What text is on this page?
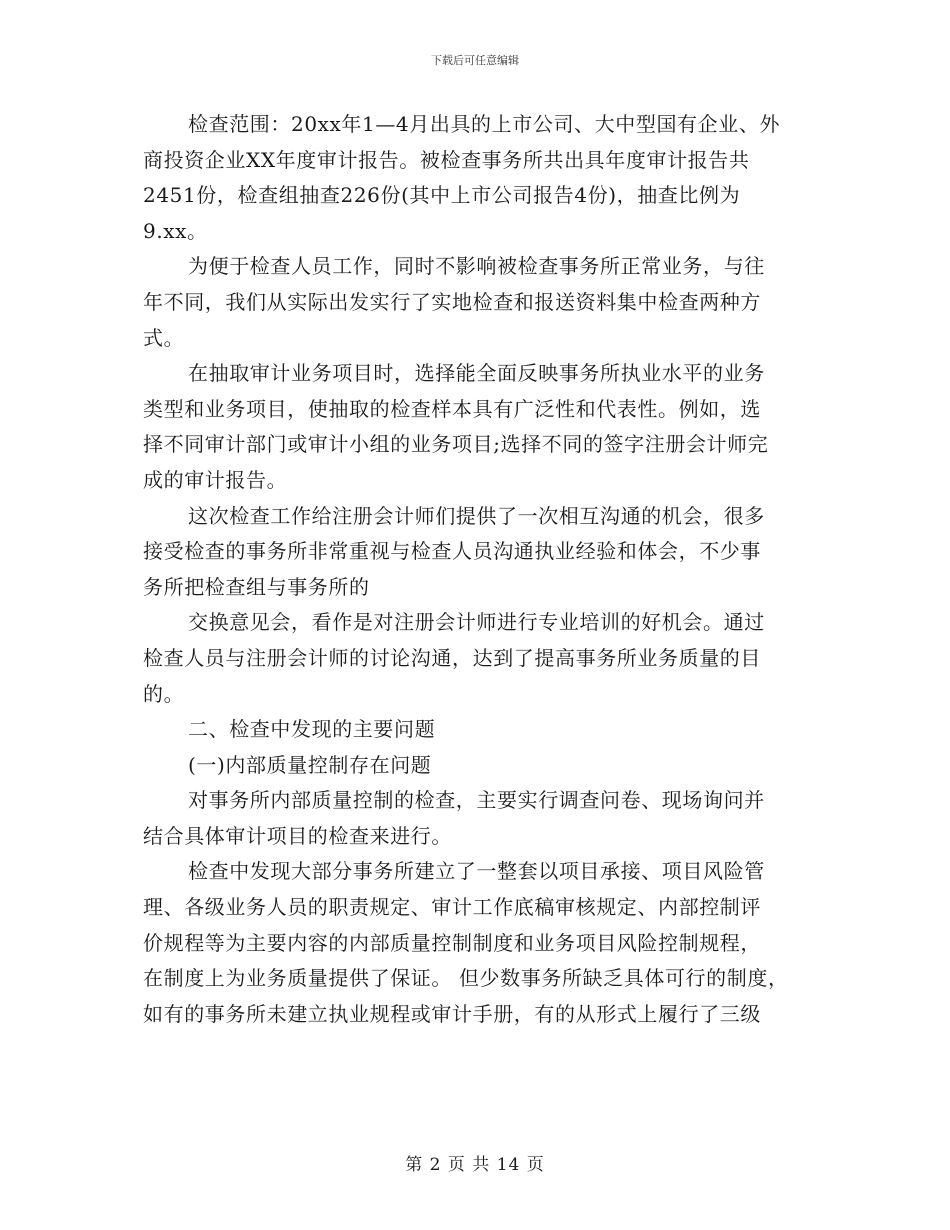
下载后可任意编辑
检查范围：20xx年1—4月出具的上市公司、大中型国有企业、外
商投资企业XX年度审计报告。被检查事务所共出具年度审计报告共
2451份，检查组抽查226份(其中上市公司报告4份)，抽查比例为
9.xx。
为便于检查人员工作，同时不影响被检查事务所正常业务，与往
年不同，我们从实际出发实行了实地检查和报送资料集中检查两种方
式。
在抽取审计业务项目时，选择能全面反映事务所执业水平的业务
类型和业务项目，使抽取的检查样本具有广泛性和代表性。例如，选
择不同审计部门或审计小组的业务项目;选择不同的签字注册会计师完
成的审计报告。
这次检查工作给注册会计师们提供了一次相互沟通的机会，很多
接受检查的事务所非常重视与检查人员沟通执业经验和体会，不少事
务所把检查组与事务所的
交换意见会，看作是对注册会计师进行专业培训的好机会。通过
检查人员与注册会计师的讨论沟通，达到了提高事务所业务质量的目
的。
二、检查中发现的主要问题
(一)内部质量控制存在问题
对事务所内部质量控制的检查，主要实行调查问卷、现场询问并
结合具体审计项目的检查来进行。
检查中发现大部分事务所建立了一整套以项目承接、项目风险管
理、各级业务人员的职责规定、审计工作底稿审核规定、内部控制评
价规程等为主要内容的内部质量控制制度和业务项目风险控制规程，
在制度上为业务质量提供了保证。 但少数事务所缺乏具体可行的制度，
如有的事务所未建立执业规程或审计手册，有的从形式上履行了三级
第 2 页 共 14 页
